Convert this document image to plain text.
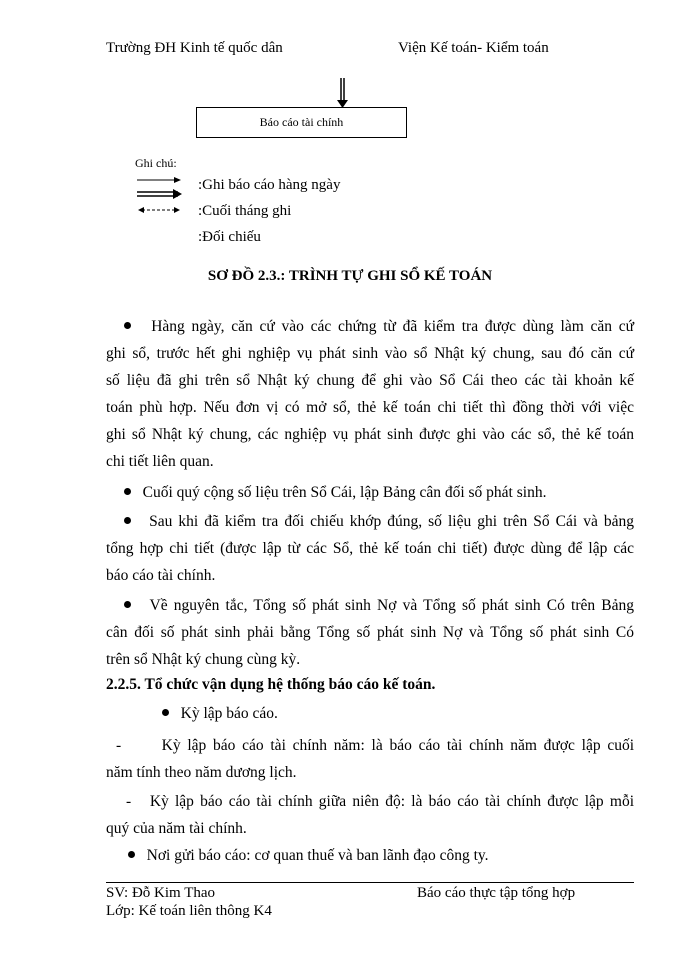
Trường ĐH Kinh tế quốc dân	Viện Kế toán- Kiểm toán
Báo cáo tài chính
Ghi chú:
:Ghi báo cáo hàng ngày
:Cuối tháng ghi
:Đối chiếu
SƠ ĐỒ 2.3.: TRÌNH TỰ GHI SỔ KẾ TOÁN
Hàng ngày, căn cứ vào các chứng từ đã kiểm tra được dùng làm căn cứ
ghi sổ, trước hết ghi nghiệp vụ phát sinh vào sổ Nhật ký chung, sau đó căn cứ
số liệu đã ghi trên sổ Nhật ký chung để ghi vào Sổ Cái theo các tài khoản kế
toán phù hợp. Nếu đơn vị có mở sổ, thẻ kế toán chi tiết thì đồng thời với việc
ghi sổ Nhật ký chung, các nghiệp vụ phát sinh được ghi vào các sổ, thẻ kế toán
chi tiết liên quan.
Cuối quý cộng số liệu trên Sổ Cái, lập Bảng cân đối số phát sinh.
Sau khi đã kiểm tra đối chiếu khớp đúng, số liệu ghi trên Sổ Cái và bảng
tổng hợp chi tiết (được lập từ các Sổ, thẻ kế toán chi tiết) được dùng để lập các
báo cáo tài chính.
Về nguyên tắc, Tổng số phát sinh Nợ và Tổng số phát sinh Có trên Bảng
cân đối số phát sinh phải bằng Tổng số phát sinh Nợ và Tổng số phát sinh Có
trên sổ Nhật ký chung cùng kỳ.
2.2.5. Tổ chức vận dụng hệ thống báo cáo kế toán.
Kỳ lập báo cáo.
-	Kỳ lập báo cáo tài chính năm: là báo cáo tài chính năm được lập cuối
năm tính theo năm dương lịch.
- Kỳ lập báo cáo tài chính giữa niên độ: là báo cáo tài chính được lập mỗi
quý của năm tài chính.
Nơi gửi báo cáo: cơ quan thuế và ban lãnh đạo công ty.
SV: Đỗ Kim Thao	Báo cáo thực tập tổng hợp
Lớp: Kế toán liên thông K4
